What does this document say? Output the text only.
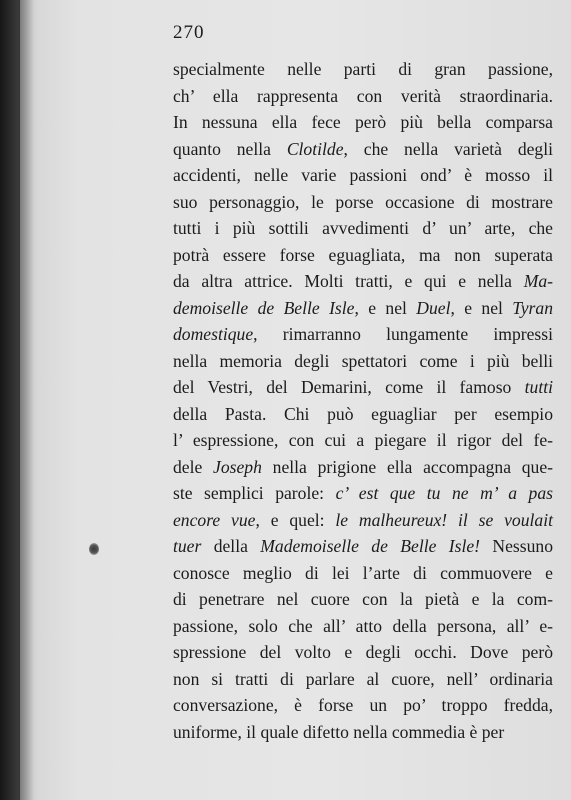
270
specialmente nelle parti di gran passione,
ch’ ella rappresenta con verità straordinaria.
In nessuna ella fece però più bella comparsa
quanto nella Clotilde, che nella varietà degli
accidenti, nelle varie passioni ond’ è mosso il
suo personaggio, le porse occasione di mostrare
tutti i più sottili avvedimenti d’ un’ arte, che
potrà essere forse eguagliata, ma non superata
da altra attrice. Molti tratti, e qui e nella Ma-
demoiselle de Belle Isle, e nel Duel, e nel Tyran
domestique, rimarranno lungamente impressi
nella memoria degli spettatori come i più belli
del Vestri, del Demarini, come il famoso tutti
della Pasta. Chi può eguagliar per esempio
l’ espressione, con cui a piegare il rigor del fe-
dele Joseph nella prigione ella accompagna que-
ste semplici parole: c’ est que tu ne m’ a pas
encore vue, e quel: le malheureux! il se voulait
tuer della Mademoiselle de Belle Isle! Nessuno
conosce meglio di lei l’arte di commuovere e
di penetrare nel cuore con la pietà e la com-
passione, solo che all’ atto della persona, all’ e-
spressione del volto e degli occhi. Dove però
non si tratti di parlare al cuore, nell’ ordinaria
conversazione, è forse un po’ troppo fredda,
uniforme, il quale difetto nella commedia è per
